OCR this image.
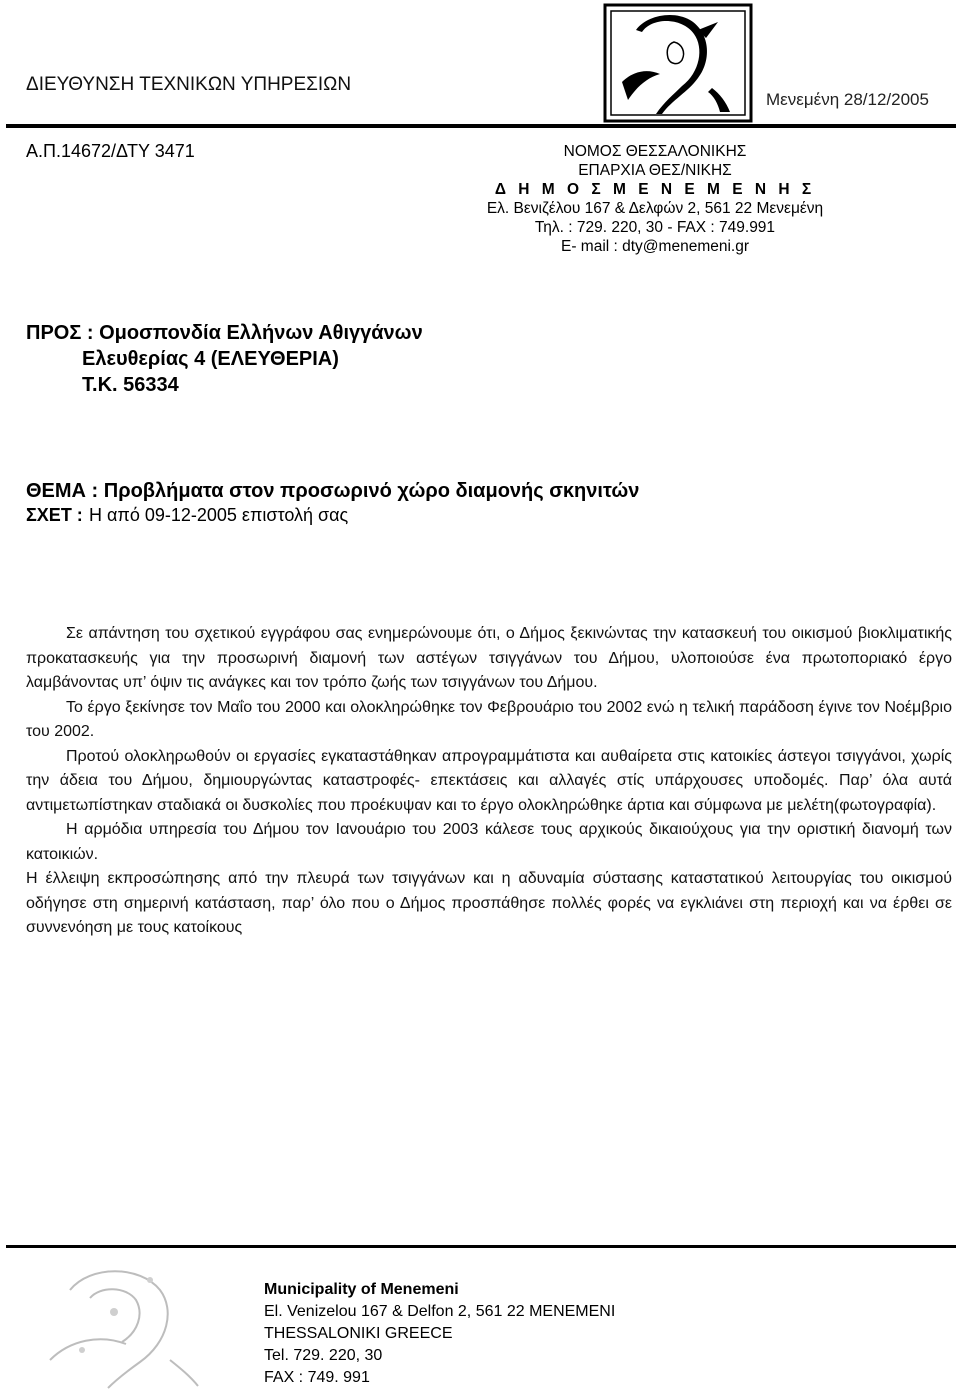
ΔΙΕΥΘΥΝΣΗ ΤΕΧΝΙΚΩΝ ΥΠΗΡΕΣΙΩΝ
Μενεμένη 28/12/2005
Α.Π.14672/ΔΤΥ 3471	ΝΟΜΟΣ ΘΕΣΣΑΛΟΝΙΚΗΣ
ΕΠΑΡΧΙΑ ΘΕΣ/ΝΙΚΗΣ
Δ Η Μ Ο Σ Μ Ε Ν Ε Μ Ε Ν Η Σ
Ελ. Βενιζέλου 167 & Δελφών 2, 561 22 Μενεμένη
Τηλ. : 729. 220, 30 - FAX : 749.991
E- mail : dty@menemeni.gr
ΠΡΟΣ : Ομοσπονδία Ελλήνων Αθιγγάνων
Ελευθερίας 4 (ΕΛΕΥΘΕΡΙΑ)
Τ.Κ. 56334
ΘΕΜΑ : Προβλήματα στον προσωρινό χώρο διαμονής σκηνιτών
ΣΧΕΤ : Η από 09-12-2005 επιστολή σας

Σε απάντηση του σχετικού εγγράφου σας ενημερώνουμε ότι, ο Δήμος ξεκινώντας την κατασκευή του οικισμού βιοκλιματικής προκατασκευής για την προσωρινή διαμονή των αστέγων τσιγγάνων του Δήμου, υλοποιούσε ένα πρωτοποριακό έργο λαμβάνοντας υπ’ όψιν τις ανάγκες και τον τρόπο ζωής των τσιγγάνων του Δήμου.

Το έργο ξεκίνησε τον Μαΐο του 2000 και ολοκληρώθηκε τον Φεβρουάριο του 2002 ενώ η τελική παράδοση έγινε τον Νοέμβριο του 2002.

Προτού ολοκληρωθούν οι εργασίες εγκαταστάθηκαν απρογραμμάτιστα και αυθαίρετα στις κατοικίες άστεγοι τσιγγάνοι, χωρίς την άδεια του Δήμου, δημιουργώντας καταστροφές- επεκτάσεις και αλλαγές στίς υπάρχουσες υποδομές. Παρ’ όλα αυτά αντιμετωπίστηκαν σταδιακά οι δυσκολίες που προέκυψαν και το έργο ολοκληρώθηκε άρτια και σύμφωνα με μελέτη(φωτογραφία).

Η αρμόδια υπηρεσία του Δήμου τον Ιανουάριο του 2003 κάλεσε τους αρχικούς δικαιούχους για την οριστική διανομή των κατοικιών.

Η έλλειψη εκπροσώπησης από την πλευρά των τσιγγάνων και η αδυναμία σύστασης καταστατικού λειτουργίας του οικισμού οδήγησε στη σημερινή κατάσταση, παρ’ όλο που ο Δήμος προσπάθησε πολλές φορές να εγκλιάνει στη περιοχή και να έρθει σε συννενόηση με τους κατοίκους

Municipality of Menemeni
El. Venizelou 167 & Delfon 2, 561 22 MENEMENI
THESSALONIKI GREECE
Tel. 729. 220, 30
FAX : 749. 991
